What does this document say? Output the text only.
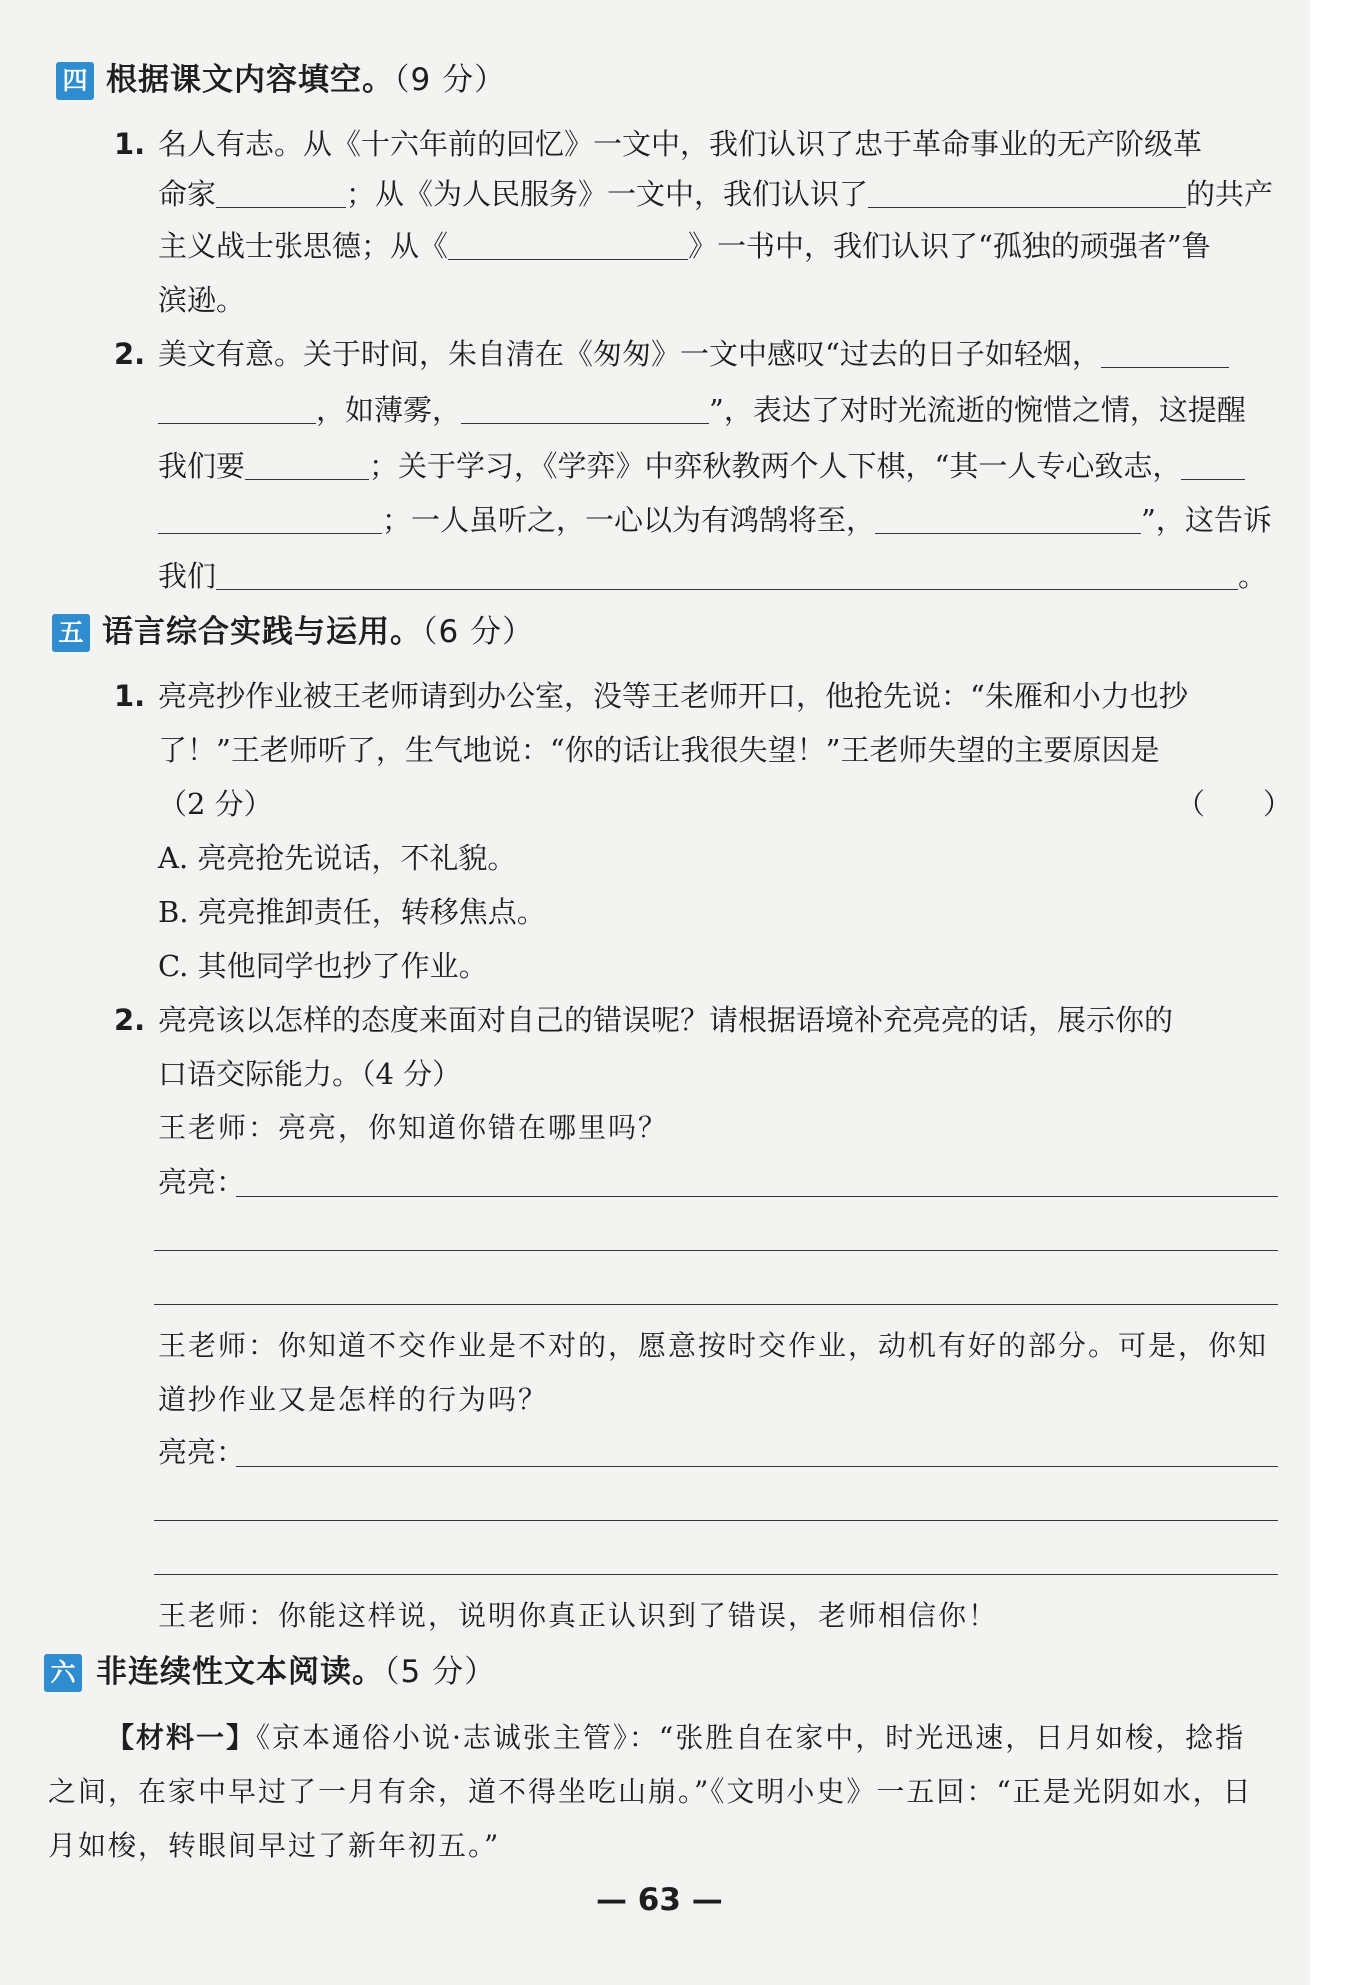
四 根据课文内容填空。（9 分）
1. 名人有志。从《十六年前的回忆》一文中，我们认识了忠于革命事业的无产阶级革
命家	；从《为人民服务》一文中，我们认识了	的共产
主义战士张思德；从《	》一书中，我们认识了“孤独的顽强者”鲁
滨逊。
2. 美文有意。关于时间，朱自清在《匆匆》一文中感叹“过去的日子如轻烟，
，如薄雾，	”，表达了对时光流逝的惋惜之情，这提醒
我们要	；关于学习，《学弈》中弈秋教两个人下棋，“其一人专心致志，
；一人虽听之，一心以为有鸿鹄将至，	”，这告诉
我们	。
五 语言综合实践与运用。（6 分）
1. 亮亮抄作业被王老师请到办公室，没等王老师开口，他抢先说：“朱雁和小力也抄
了！”王老师听了，生气地说：“你的话让我很失望！”王老师失望的主要原因是
（2 分）	（　　）
A. 亮亮抢先说话，不礼貌。
B. 亮亮推卸责任，转移焦点。
C. 其他同学也抄了作业。
2. 亮亮该以怎样的态度来面对自己的错误呢？请根据语境补充亮亮的话，展示你的
口语交际能力。（4 分）
王老师：亮亮，你知道你错在哪里吗？
亮亮：
王老师：你知道不交作业是不对的，愿意按时交作业，动机有好的部分。可是，你知
道抄作业又是怎样的行为吗？
亮亮：
王老师：你能这样说，说明你真正认识到了错误，老师相信你！
六 非连续性文本阅读。（5 分）
【材料一】《京本通俗小说·志诚张主管》：“张胜自在家中，时光迅速，日月如梭，捻指
之间，在家中早过了一月有余，道不得坐吃山崩。”《文明小史》一五回：“正是光阴如水，日
月如梭，转眼间早过了新年初五。”
— 63 —
